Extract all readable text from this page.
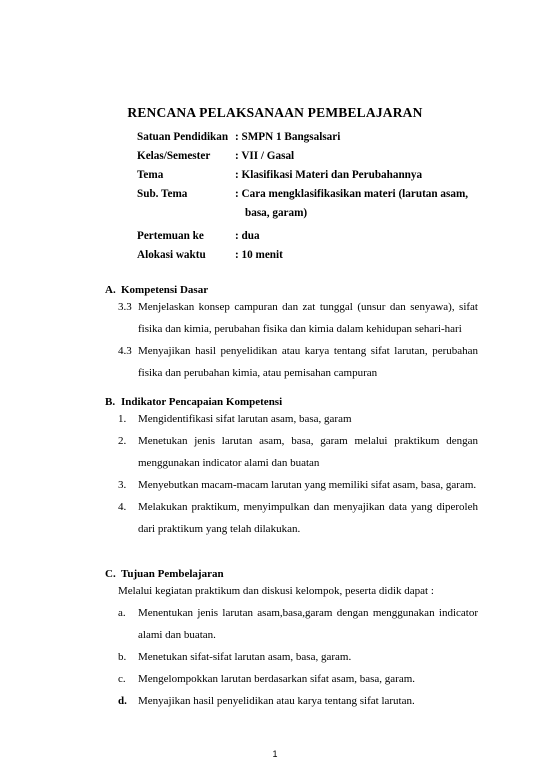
RENCANA PELAKSANAAN PEMBELAJARAN
Satuan Pendidikan : SMPN 1 Bangsalsari
Kelas/Semester	: VII / Gasal
Tema	: Klasifikasi Materi dan Perubahannya
Sub. Tema	: Cara mengklasifikasikan materi (larutan asam,
basa, garam)
Pertemuan ke	: dua
Alokasi waktu	: 10 menit
A. Kompetensi Dasar
3.3 Menjelaskan konsep campuran dan zat tunggal (unsur dan senyawa), sifat fisika dan kimia, perubahan fisika dan kimia dalam kehidupan sehari-hari
4.3 Menyajikan hasil penyelidikan atau karya tentang sifat larutan, perubahan fisika dan perubahan kimia, atau pemisahan campuran
B. Indikator Pencapaian Kompetensi
1. Mengidentifikasi sifat larutan asam, basa, garam
2. Menetukan jenis larutan asam, basa, garam melalui praktikum dengan menggunakan indicator alami dan buatan
3. Menyebutkan macam-macam larutan yang memiliki sifat asam, basa, garam.
4. Melakukan praktikum, menyimpulkan dan menyajikan data yang diperoleh dari praktikum yang telah dilakukan.
C. Tujuan Pembelajaran
Melalui kegiatan praktikum dan diskusi kelompok, peserta didik dapat :
a. Menentukan jenis larutan asam,basa,garam dengan menggunakan indicator alami dan buatan.
b. Menetukan sifat-sifat larutan asam, basa, garam.
c. Mengelompokkan larutan berdasarkan sifat asam, basa, garam.
d. Menyajikan hasil penyelidikan atau karya tentang sifat larutan.
1
